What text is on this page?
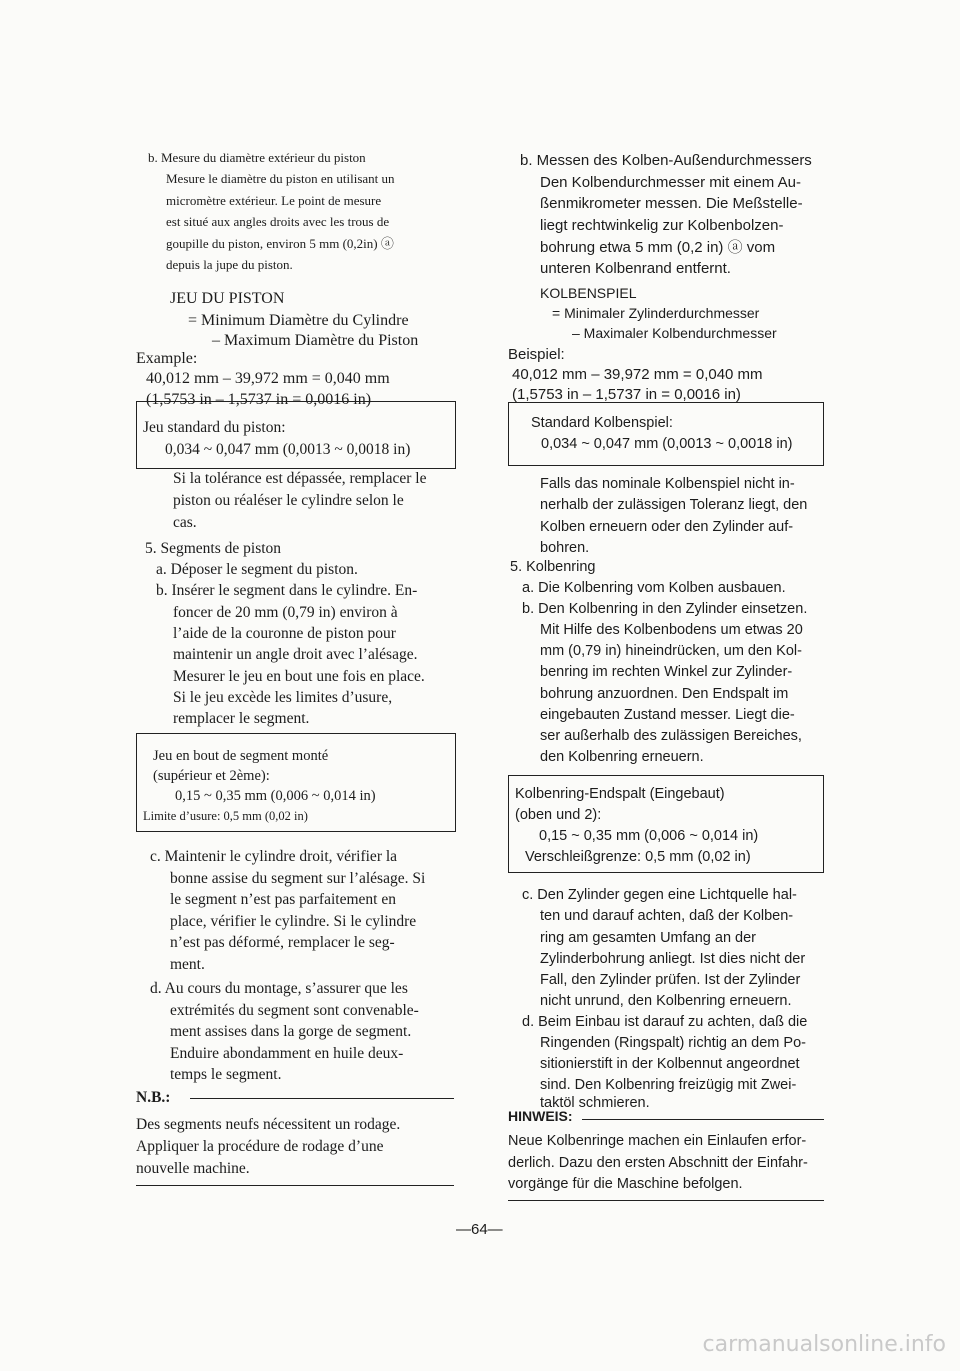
b. Mesure du diamètre extérieur du piston
Mesure le diamètre du piston en utilisant un
micromètre extérieur. Le point de mesure
est situé aux angles droits avec les trous de
goupille du piston, environ 5 mm (0,2in) ⓐ
depuis la jupe du piston.
JEU DU PISTON
= Minimum Diamètre du Cylindre
– Maximum Diamètre du Piston
Example:
40,012 mm – 39,972 mm = 0,040 mm
(1,5753 in – 1,5737 in = 0,0016 in)
Jeu standard du piston:
0,034 ~ 0,047 mm (0,0013 ~ 0,0018 in)
Si la tolérance est dépassée, remplacer le
piston ou réaléser le cylindre selon le
cas.
5. Segments de piston
a. Déposer le segment du piston.
b. Insérer le segment dans le cylindre. En-
foncer de 20 mm (0,79 in) environ à
l’aide de la couronne de piston pour
maintenir un angle droit avec l’alésage.
Mesurer le jeu en bout une fois en place.
Si le jeu excède les limites d’usure,
remplacer le segment.
Jeu en bout de segment monté
(supérieur et 2ème):
0,15 ~ 0,35 mm (0,006 ~ 0,014 in)
Limite d’usure: 0,5 mm (0,02 in)
c. Maintenir le cylindre droit, vérifier la
bonne assise du segment sur l’alésage. Si
le segment n’est pas parfaitement en
place, vérifier le cylindre. Si le cylindre
n’est pas déformé, remplacer le seg-
ment.
d. Au cours du montage, s’assurer que les
extrémités du segment sont convenable-
ment assises dans la gorge de segment.
Enduire abondamment en huile deux-
temps le segment.
N.B.:
Des segments neufs nécessitent un rodage.
Appliquer la procédure de rodage d’une
nouvelle machine.
b. Messen des Kolben-Außendurchmessers
Den Kolbendurchmesser mit einem Au-
ßenmikrometer messen. Die Meßstelle-
liegt rechtwinkelig zur Kolbenbolzen-
bohrung etwa 5 mm (0,2 in) ⓐ vom
unteren Kolbenrand entfernt.
KOLBENSPIEL
= Minimaler Zylinderdurchmesser
– Maximaler Kolbendurchmesser
Beispiel:
40,012 mm – 39,972 mm = 0,040 mm
(1,5753 in – 1,5737 in = 0,0016 in)
Standard Kolbenspiel:
0,034 ~ 0,047 mm (0,0013 ~ 0,0018 in)
Falls das nominale Kolbenspiel nicht in-
nerhalb der zulässigen Toleranz liegt, den
Kolben erneuern oder den Zylinder auf-
bohren.
5. Kolbenring
a. Die Kolbenring vom Kolben ausbauen.
b. Den Kolbenring in den Zylinder einsetzen.
Mit Hilfe des Kolbenbodens um etwas 20
mm (0,79 in) hineindrücken, um den Kol-
benring im rechten Winkel zur Zylinder-
bohrung anzuordnen. Den Endspalt im
eingebauten Zustand messer. Liegt die-
ser außerhalb des zulässigen Bereiches,
den Kolbenring erneuern.
Kolbenring-Endspalt (Eingebaut)
(oben und 2):
0,15 ~ 0,35 mm (0,006 ~ 0,014 in)
Verschleißgrenze: 0,5 mm (0,02 in)
c. Den Zylinder gegen eine Lichtquelle hal-
ten und darauf achten, daß der Kolben-
ring am gesamten Umfang an der
Zylinderbohrung anliegt. Ist dies nicht der
Fall, den Zylinder prüfen. Ist der Zylinder
nicht unrund, den Kolbenring erneuern.
d. Beim Einbau ist darauf zu achten, daß die
Ringenden (Ringspalt) richtig an dem Po-
sitionierstift in der Kolbennut angeordnet
sind. Den Kolbenring freizügig mit Zwei-
taktöl schmieren.
HINWEIS:
Neue Kolbenringe machen ein Einlaufen erfor-
derlich. Dazu den ersten Abschnitt der Einfahr-
vorgänge für die Maschine befolgen.
—64—
carmanualsonline.info
